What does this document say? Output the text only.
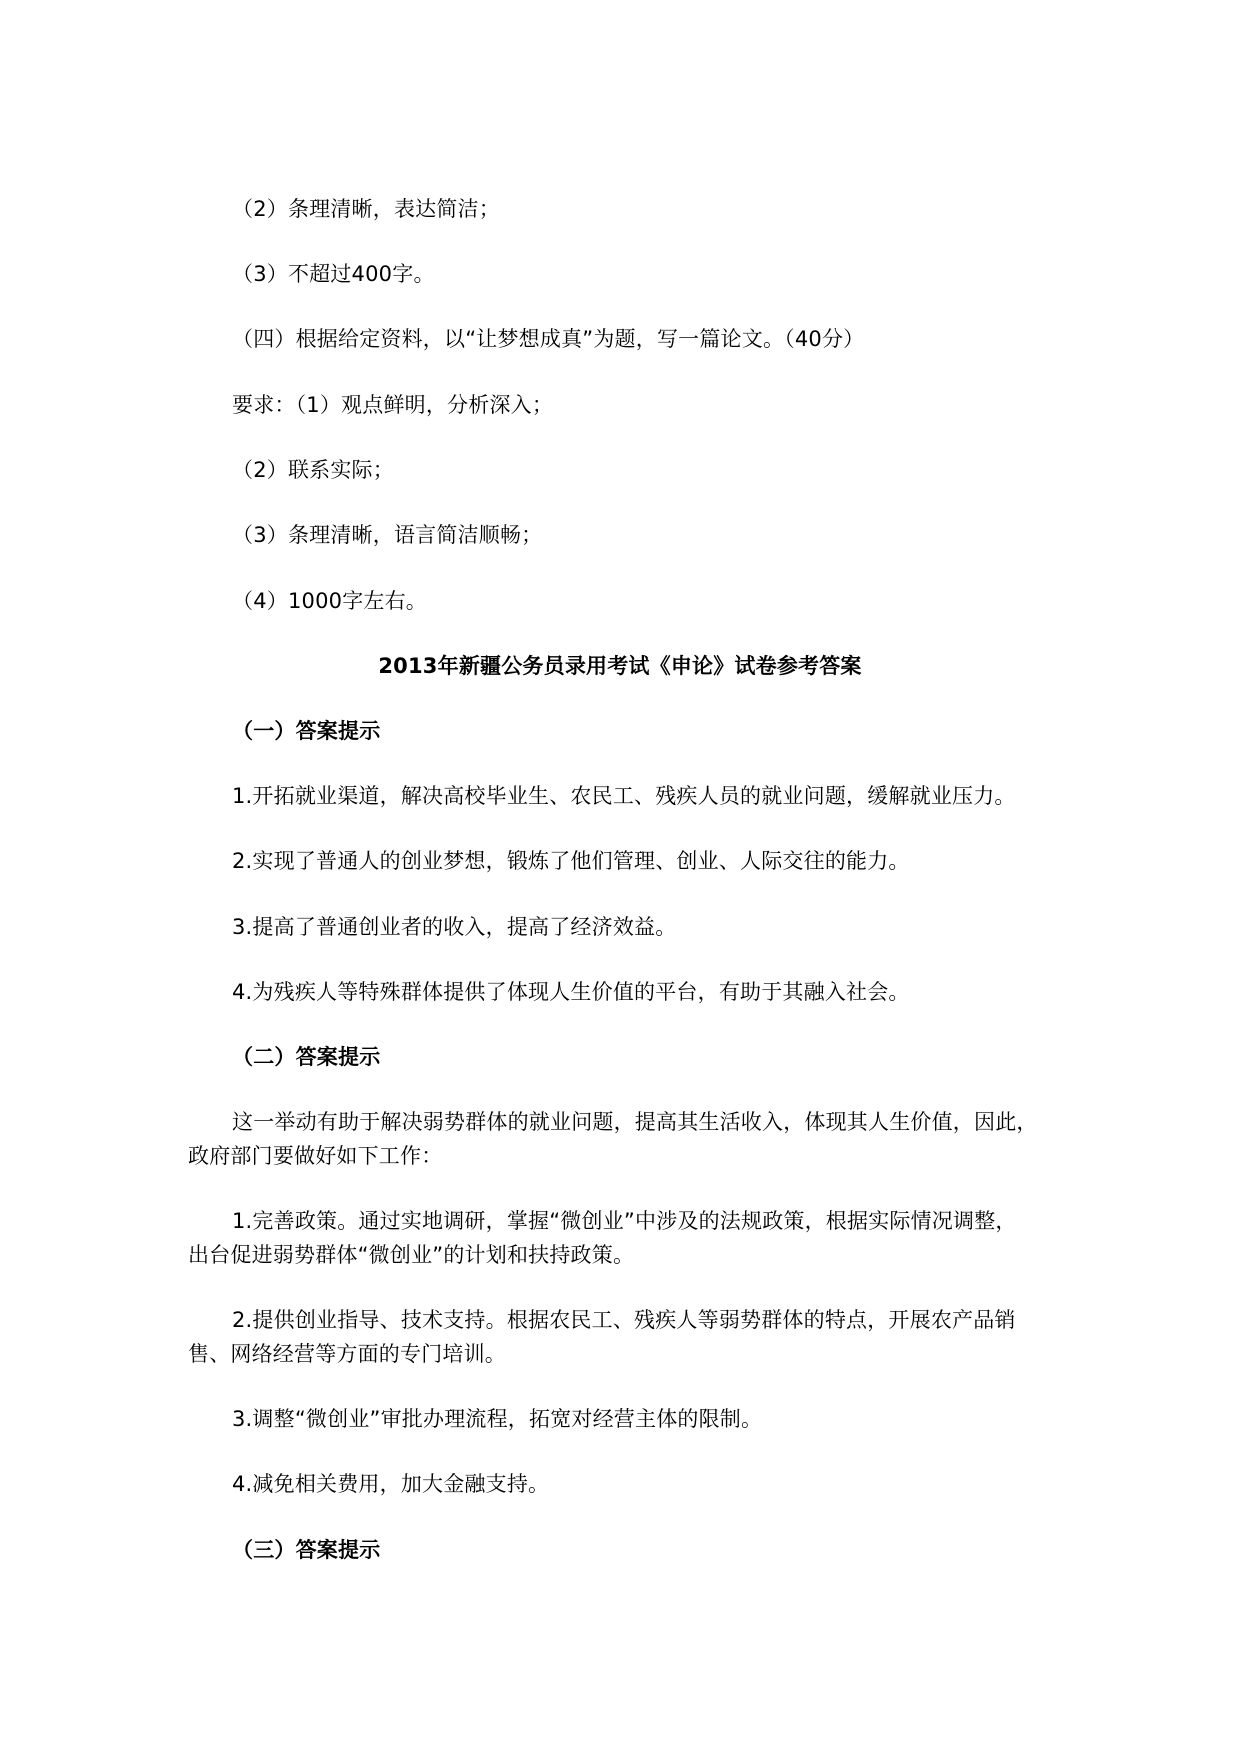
（2）条理清晰，表达简洁；

（3）不超过400字。

（四）根据给定资料，以“让梦想成真”为题，写一篇论文。（40分）

要求：（1）观点鲜明，分析深入；

（2）联系实际；

（3）条理清晰，语言简洁顺畅；

（4）1000字左右。

2013年新疆公务员录用考试《申论》试卷参考答案

（一）答案提示

1.开拓就业渠道，解决高校毕业生、农民工、残疾人员的就业问题，缓解就业压力。

2.实现了普通人的创业梦想，锻炼了他们管理、创业、人际交往的能力。

3.提高了普通创业者的收入，提高了经济效益。

4.为残疾人等特殊群体提供了体现人生价值的平台，有助于其融入社会。

（二）答案提示

这一举动有助于解决弱势群体的就业问题，提高其生活收入，体现其人生价值，因此，

政府部门要做好如下工作：

1.完善政策。通过实地调研，掌握“微创业”中涉及的法规政策，根据实际情况调整，

出台促进弱势群体“微创业”的计划和扶持政策。

2.提供创业指导、技术支持。根据农民工、残疾人等弱势群体的特点，开展农产品销

售、网络经营等方面的专门培训。

3.调整“微创业”审批办理流程，拓宽对经营主体的限制。

4.减免相关费用，加大金融支持。

（三）答案提示
